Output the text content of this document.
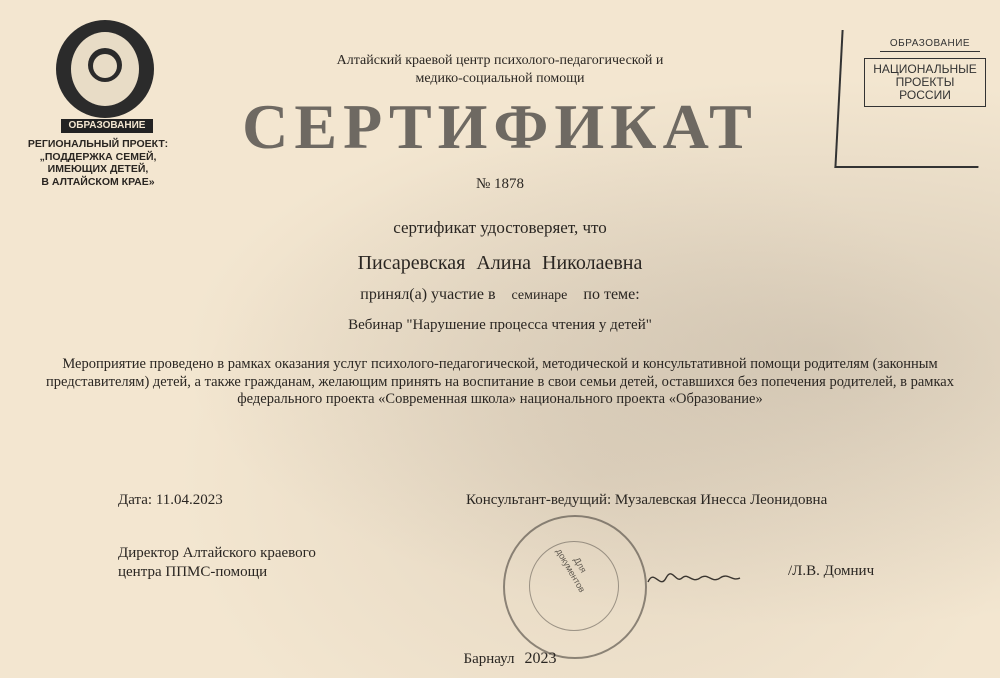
ОБРАЗОВАНИЕ
РЕГИОНАЛЬНЫЙ ПРОЕКТ:
„ПОДДЕРЖКА СЕМЕЙ,
ИМЕЮЩИХ ДЕТЕЙ,
В АЛТАЙСКОМ КРАЕ»
ОБРАЗОВАНИЕ
НАЦИОНАЛЬНЫЕ
ПРОЕКТЫ
РОССИИ
Алтайский краевой центр психолого-педагогической и
медико-социальной помощи
СЕРТИФИКАТ
№ 1878
сертификат удостоверяет, что
Писаревская Алина Николаевна
принял(а) участие в семинаре по теме:
Вебинар "Нарушение процесса чтения у детей"
Мероприятие проведено в рамках оказания услуг психолого-педагогической, методической и консультативной помощи родителям (законным представителям) детей, а также гражданам, желающим принять на воспитание в свои семьи детей, оставшихся без попечения родителей, в рамках федерального проекта «Современная школа» национального проекта «Образование»
Дата: 11.04.2023	Консультант-ведущий: Музалевская Инесса Леонидовна
Директор Алтайского краевого
центра ППМС-помощи	Для документов	/Л.В. Домнич
Барнаул 2023
